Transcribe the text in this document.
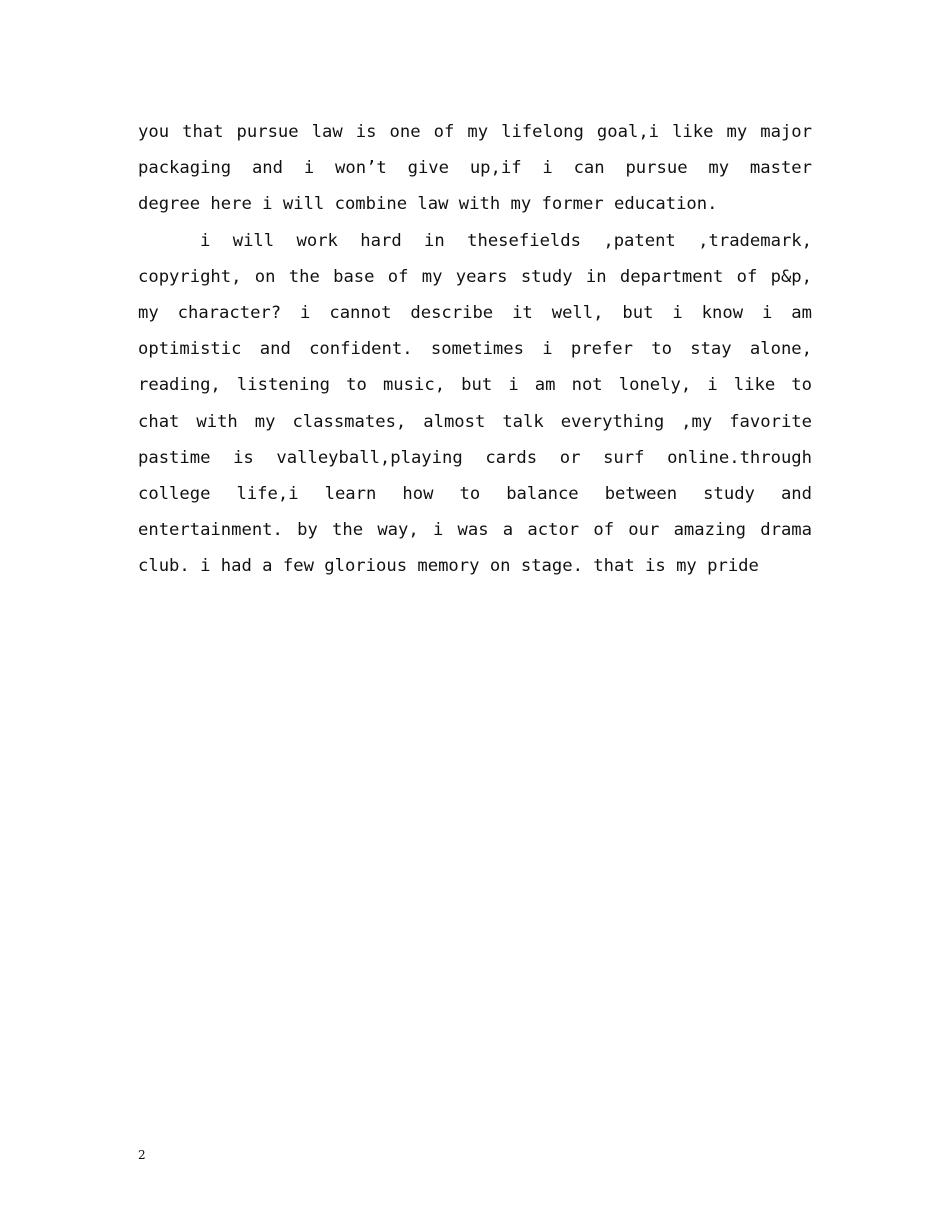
you that pursue law is one of my lifelong goal,i like my major
packaging and i won’t give up,if i can pursue my master
degree here i will combine law with my former education.
i will work hard in thesefields ,patent ,trademark,
copyright, on the base of my years study in department of p&p,
my character? i cannot describe it well, but i know i am
optimistic and confident. sometimes i prefer to stay alone,
reading, listening to music, but i am not lonely, i like to
chat with my classmates, almost talk everything ,my favorite
pastime is valleyball,playing cards or surf online.through
college life,i learn how to balance between study and
entertainment. by the way, i was a actor of our amazing drama
club. i had a few glorious memory on stage. that is my pride
2
